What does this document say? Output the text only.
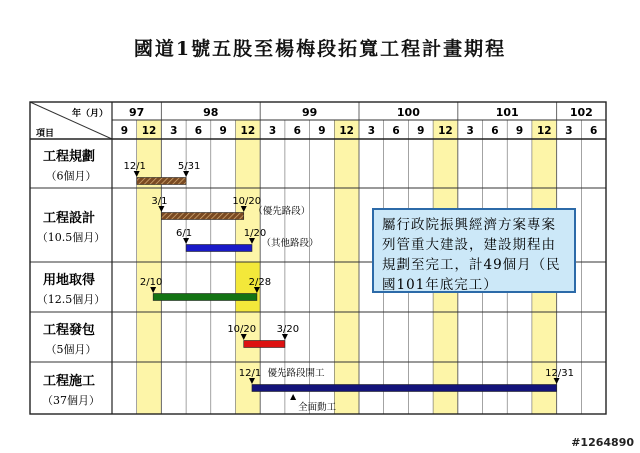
國道1號五股至楊梅段拓寬工程計畫期程
97	98	99	100	101	102
9 12 3 6 9 12 3 6 9 12 3 6 9 12 3 6 9 12 3 6
年（月）
項目
工程規劃
（6個月）
工程設計
（10.5個月）
用地取得
（12.5個月）
工程發包
（5個月）
工程施工
（37個月）
12/1	5/31
3/1	10/20
（優先路段）
6/1	1/20
（其他路段）
2/10	2/28
10/20 3/20
12/1	12/31
優先路段開工
全面動工
屬行政院振興經濟方案專案列管重大建設，建設期程由規劃至完工，計49個月（民國101年底完工）
#1264890
